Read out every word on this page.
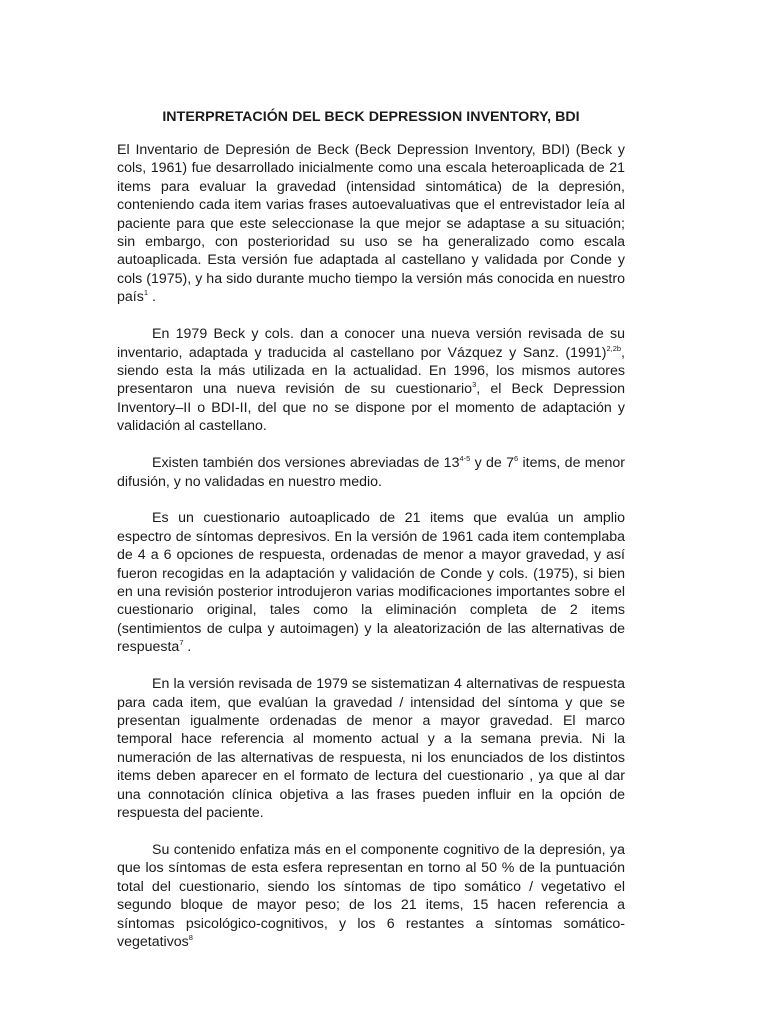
INTERPRETACIÓN DEL BECK DEPRESSION INVENTORY, BDI

El Inventario de Depresión de Beck (Beck Depression Inventory, BDI) (Beck y cols, 1961) fue desarrollado inicialmente como una escala heteroaplicada de 21 items para evaluar la gravedad (intensidad sintomática) de la depresión, conteniendo cada item varias frases autoevaluativas que el entrevistador leía al paciente para que este seleccionase la que mejor se adaptase a su situación; sin embargo, con posterioridad su uso se ha generalizado como escala autoaplicada. Esta versión fue adaptada al castellano y validada por Conde y cols (1975), y ha sido durante mucho tiempo la versión más conocida en nuestro país$^1$ .

En 1979 Beck y cols. dan a conocer una nueva versión revisada de su inventario, adaptada y traducida al castellano por Vázquez y Sanz. $(1991)^{2,2b}$, siendo esta la más utilizada en la actualidad. En 1996, los mismos autores presentaron una nueva revisión de su cuestionario$^3$, el Beck Depression Inventory–II o BDI-II, del que no se dispone por el momento de adaptación y validación al castellano.

Existen también dos versiones abreviadas de 13$^{4-5}$ y de $7^6$ items, de menor difusión, y no validadas en nuestro medio.

Es un cuestionario autoaplicado de 21 items que evalúa un amplio espectro de síntomas depresivos. En la versión de 1961 cada item contemplaba de 4 a 6 opciones de respuesta, ordenadas de menor a mayor gravedad, y así fueron recogidas en la adaptación y validación de Conde y cols. (1975), si bien en una revisión posterior introdujeron varias modificaciones importantes sobre el cuestionario original, tales como la eliminación completa de 2 items (sentimientos de culpa y autoimagen) y la aleatorización de las alternativas de respuesta$^7$ .

En la versión revisada de 1979 se sistematizan 4 alternativas de respuesta para cada item, que evalúan la gravedad / intensidad del síntoma y que se presentan igualmente ordenadas de menor a mayor gravedad. El marco temporal hace referencia al momento actual y a la semana previa. Ni la numeración de las alternativas de respuesta, ni los enunciados de los distintos items deben aparecer en el formato de lectura del cuestionario , ya que al dar una connotación clínica objetiva a las frases pueden influir en la opción de respuesta del paciente.

Su contenido enfatiza más en el componente cognitivo de la depresión, ya que los síntomas de esta esfera representan en torno al 50 % de la puntuación total del cuestionario, siendo los síntomas de tipo somático / vegetativo el segundo bloque de mayor peso; de los 21 items, 15 hacen referencia a síntomas psicológico-cognitivos, y los 6 restantes a síntomas somático-vegetativos$^8$
